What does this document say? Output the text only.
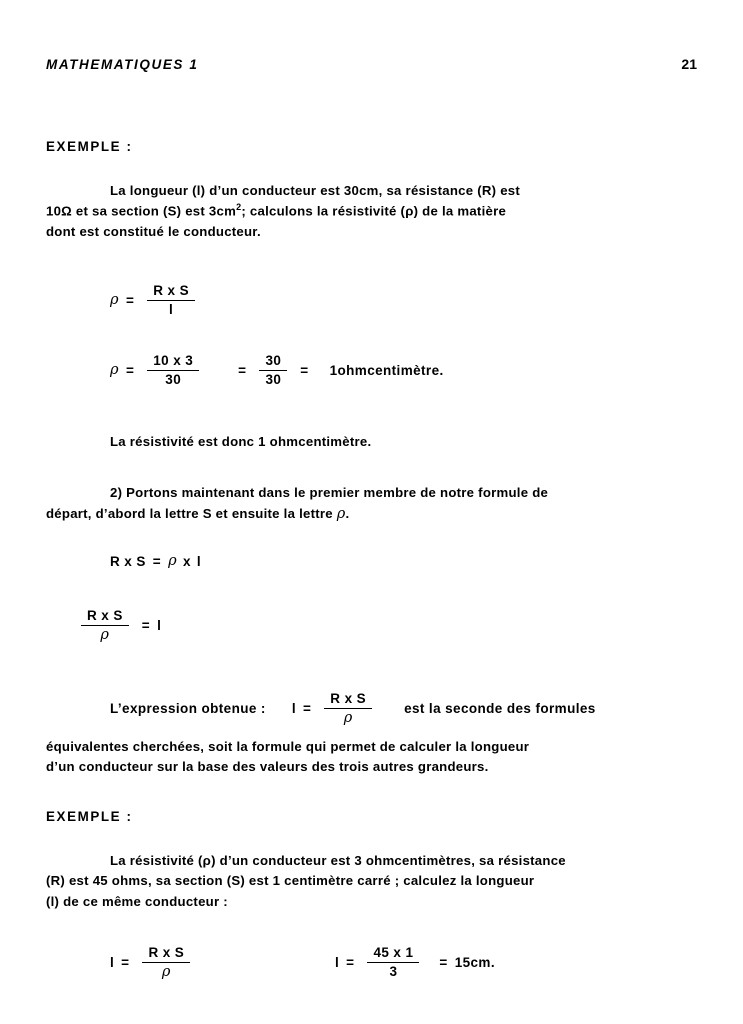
MATHEMATIQUES 1	21
EXEMPLE :
La longueur (l) d’un conducteur est 30cm, sa résistance (R) est
10Ω et sa section (S) est $3cm^2$; calculons la résistivité (ρ) de la matière
dont est constitué le conducteur.
$\rho = \frac{\text{R x S}}{l}$
$\rho = \frac{10 x 3}{30}$	= $\frac{30}{30}$ = 1ohmcentimètre.
La résistivité est donc 1 ohmcentimètre.
2) Portons maintenant dans le premier membre de notre formule de
départ, d’abord la lettre S et ensuite la lettre ρ.
R x S = ρ x l
$\frac{\text{R x S}}{\rho} = l$
L’expression obtenue : $l = \frac{\text{R x S}}{\rho}$ est la seconde des formules
équivalentes cherchées, soit la formule qui permet de calculer la longueur
d’un conducteur sur la base des valeurs des trois autres grandeurs.
EXEMPLE :
La résistivité (ρ) d’un conducteur est 3 ohmcentimètres, sa résistance
(R) est 45 ohms, sa section (S) est 1 centimètre carré ; calculez la longueur
(l) de ce même conducteur :
$l = \frac{\text{R x S}}{\rho}$	$l = \frac{45 x 1}{3} = 15cm$.
